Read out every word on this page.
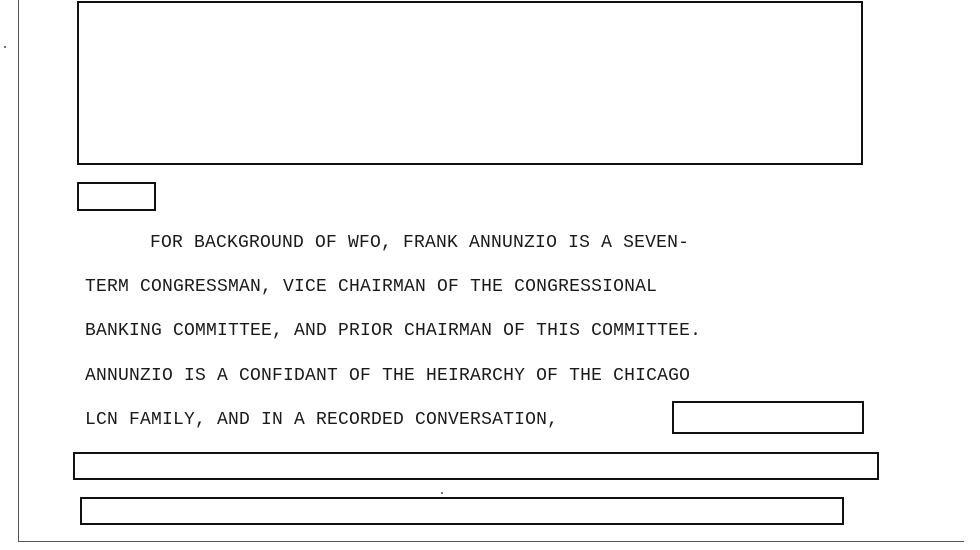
FOR BACKGROUND OF WFO, FRANK ANNUNZIO IS A SEVEN-
TERM CONGRESSMAN, VICE CHAIRMAN OF THE CONGRESSIONAL
BANKING COMMITTEE, AND PRIOR CHAIRMAN OF THIS COMMITTEE.
ANNUNZIO IS A CONFIDANT OF THE HEIRARCHY OF THE CHICAGO
LCN FAMILY, AND IN A RECORDED CONVERSATION,
